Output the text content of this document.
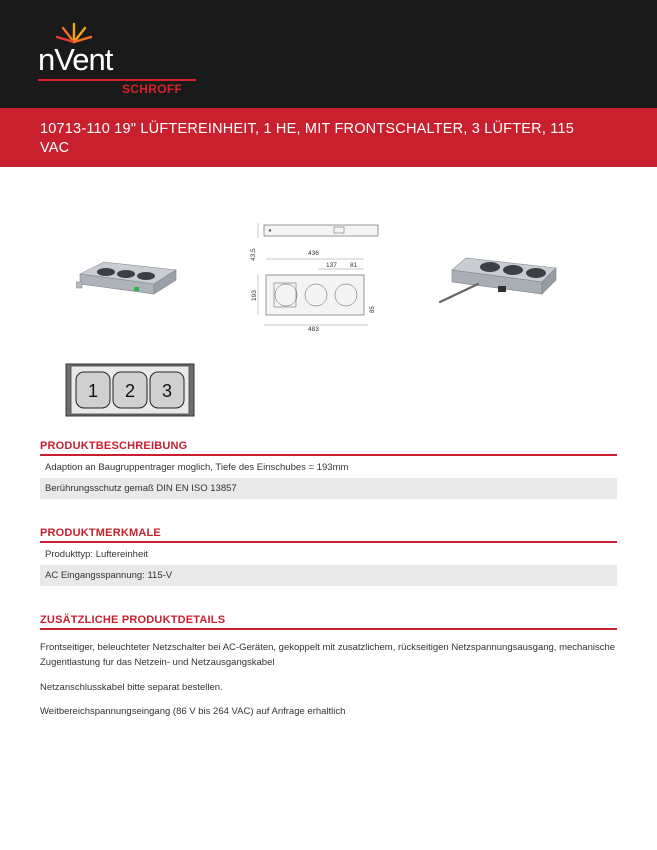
nVent
SCHROFF
10713-110 19" LÜFTEREINHEIT, 1 HE, MIT FRONTSCHALTER, 3 LÜFTER, 115 VAC
43,5	436
137 81
193
85
483
1 2 3
PRODUKTBESCHREIBUNG
Adaption an Baugruppentrager moglich, Tiefe des Einschubes = 193mm
Berührungsschutz gemaß DIN EN ISO 13857
PRODUKTMERKMALE
Produkttyp: Luftereinheit
AC Eingangsspannung: 115-V
ZUSÄTZLICHE PRODUKTDETAILS
Frontseitiger, beleuchteter Netzschalter bei AC-Geräten, gekoppelt mit zusatzlichem, rückseitigen Netzspannungsausgang, mechanische Zugentlastung fur das Netzein- und Netzausgangskabel
Netzanschlusskabel bitte separat bestellen.
Weitbereichspannungseingang (86 V bis 264 VAC) auf Anfrage erhaltlich
